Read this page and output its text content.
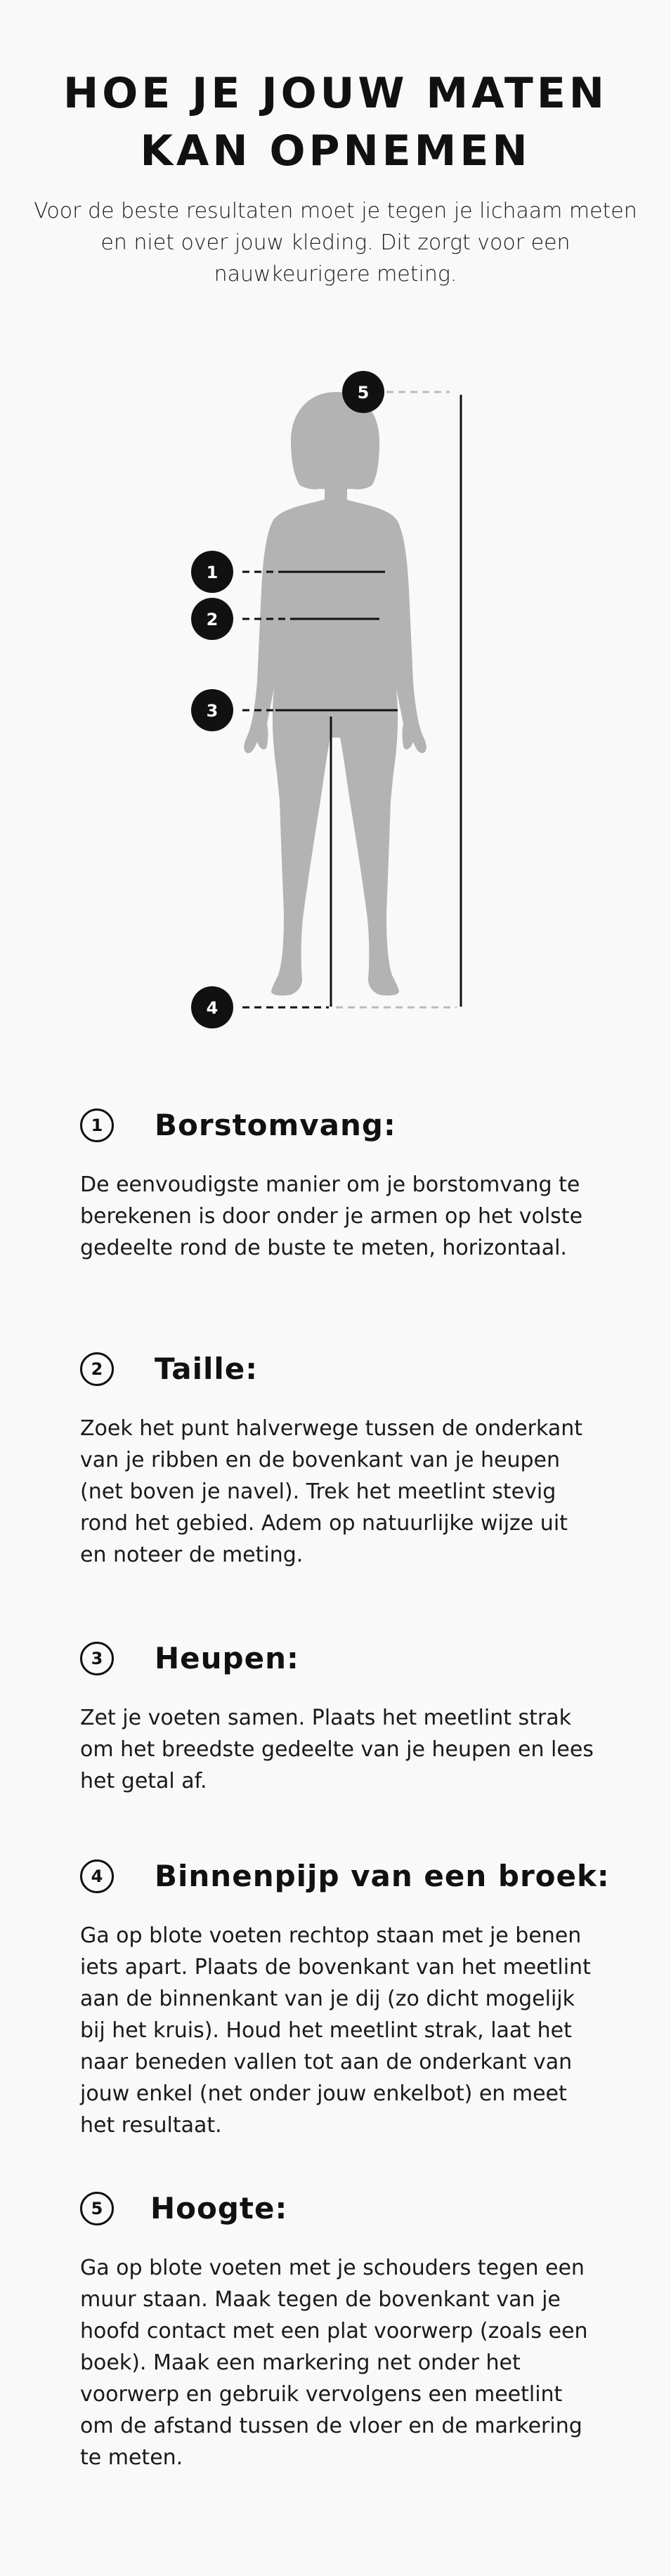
HOE JE JOUW MATEN
KAN OPNEMEN

Voor de beste resultaten moet je tegen je lichaam meten en niet over jouw kleding. Dit zorgt voor een nauwkeurigere meting.

1
2
3
4
5
1	Borstomvang:

De eenvoudigste manier om je borstomvang te berekenen is door onder je armen op het volste gedeelte rond de buste te meten, horizontaal.

2	Taille:

Zoek het punt halverwege tussen de onderkant van je ribben en de bovenkant van je heupen (net boven je navel). Trek het meetlint stevig rond het gebied. Adem op natuurlijke wijze uit en noteer de meting.

3	Heupen:

Zet je voeten samen. Plaats het meetlint strak om het breedste gedeelte van je heupen en lees het getal af.

4	Binnenpijp van een broek:

Ga op blote voeten rechtop staan met je benen iets apart. Plaats de bovenkant van het meetlint aan de binnenkant van je dij (zo dicht mogelijk bij het kruis). Houd het meetlint strak, laat het naar beneden vallen tot aan de onderkant van jouw enkel (net onder jouw enkelbot) en meet het resultaat.

5	Hoogte:

Ga op blote voeten met je schouders tegen een muur staan. Maak tegen de bovenkant van je hoofd contact met een plat voorwerp (zoals een boek). Maak een markering net onder het voorwerp en gebruik vervolgens een meetlint om de afstand tussen de vloer en de markering te meten.
